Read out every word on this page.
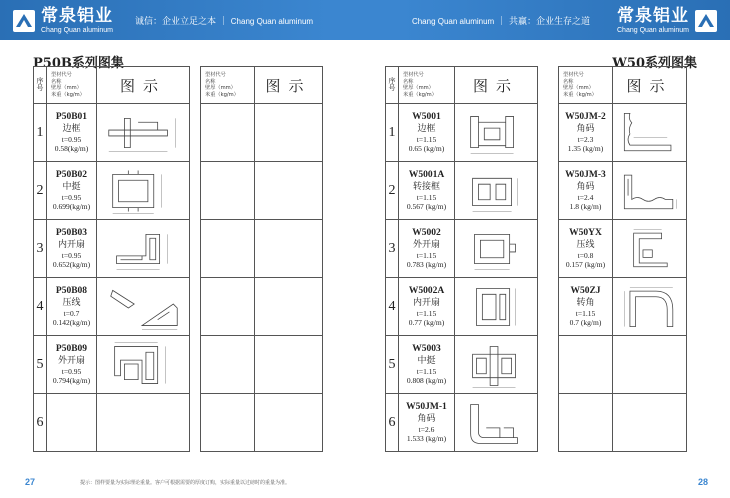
常泉铝业
Chang Quan aluminum
诚信：企业立足之本 ｜ Chang Quan aluminum	Chang Quan aluminum ｜ 共赢：企业生存之道 常泉铝业
Chang Quan aluminum
P50B系列图集	W50系列图集
序号	型材代号
名称
壁厚（mm）
米重（kg/m）	图示
1	P50B01
边框
t=0.95
0.58(kg/m)

2	P50B02
中挺
t=0.95
0.699(kg/m)

3	P50B03
内开扇
t=0.95
0.652(kg/m)

4	P50B08
压线
t=0.7
0.142(kg/m)

5	P50B09
外开扇
t=0.95
0.794(kg/m)

6		
型材代号
名称
壁厚（mm）
米重（kg/m）	图示

		序号	型材代号
名称
壁厚（mm）
米重（kg/m）	图示
1	W5001
边框
t=1.15
0.65 (kg/m)

2	W5001A
转接框
t=1.15
0.567 (kg/m)

3	W5002
外开扇
t=1.15
0.783 (kg/m)

4	W5002A
内开扇
t=1.15
0.77 (kg/m)

5	W5003
中挺
t=1.15
0.808 (kg/m)

6	W50JM-1
角码
t=2.6
1.533 (kg/m)

型材代号
名称
壁厚（mm）
米重（kg/m）	图示

W50JM-2
角码
t=2.3
1.35 (kg/m)

W50JM-3
角码
t=2.4
1.8 (kg/m)

W50YX
压线
t=0.8
0.157 (kg/m)

W50ZJ
转角
t=1.15
0.7 (kg/m)

27	提示：图样要量为实际理论重量。客户可根据需要的厚度订购，实际重量以过磅时的重量为准。	28
